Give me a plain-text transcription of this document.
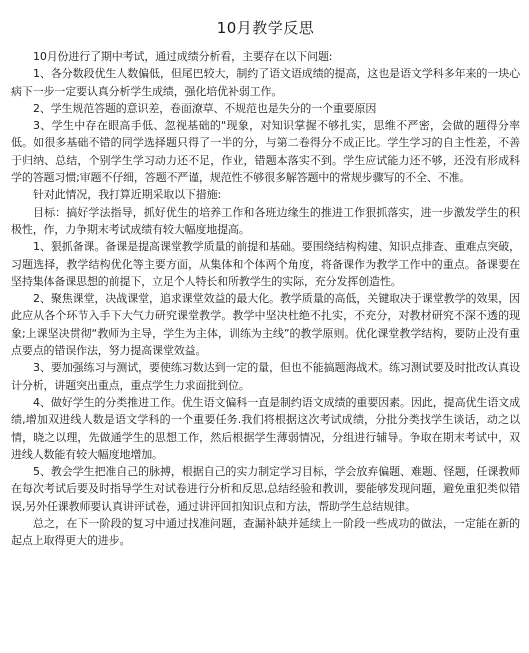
10月教学反思

10月份进行了期中考试，通过成绩分析看，主要存在以下问题:

1、各分数段优生人数偏低，但尾巴较大，制约了语文语成绩的提高，这也是语文学科多年来的一块心病下一步一定要认真分析学生成绩，强化培优补弱工作。

2、学生规范答题的意识差，卷面潦草、不规范也是失分的一个重要原因

3、学生中存在眼高手低、忽视基础的"现象，对知识掌握不够扎实，思维不严密，会做的题得分率低。如很多基础不错的同学选择题只得了一半的分，与第二卷得分不成正比。学生学习的自主性差，不善于归纳、总结，个别学生学习动力还不足，作业，错题本落实不到。学生应试能力还不够，还没有形成科学的答题习惯;审题不仔细，答题不严谨，规范性不够很多解答题中的常规步骤写的不全、不准。

针对此情况，我打算近期采取以下措施:

目标：搞好学法指导，抓好优生的培养工作和各班边缘生的推进工作狠抓落实，进一步激发学生的积极性，作，力争期末考试成绩有较大幅度地提高。

1、狠抓备课。备课是提高课堂教学质量的前提和基础。要围绕结构构建、知识点排查、重难点突破，习题选择，教学结构优化等主要方面，从集体和个体两个角度，将备课作为教学工作中的重点。备课要在坚持集体备课思想的前提下，立足个人特长和所教学生的实际，充分发挥创造性。

2、聚焦课堂，决战课堂，追求课堂效益的最大化。教学质量的高低，关键取决于课堂教学的效果，因此应从各个环节入手下大气力研究课堂教学。教学中坚决杜绝不扎实，不充分，对教材研究不深不透的现象;上课坚决贯彻“教师为主导，学生为主体，训练为主线”的教学原则。优化课堂教学结构，要防止没有重点要点的错误作法，努力提高课堂效益。

3、要加强练习与测试，要使练习数达到一定的量，但也不能搞题海战术。练习测试要及时批改认真设计分析，讲题突出重点，重点学生力求面批到位。

4、做好学生的分类推进工作。优生语文偏科一直是制约语文成绩的重要因素。因此，提高优生语文成绩,增加双进线人数是语文学科的一个重要任务.我们将根据这次考试成绩，分批分类找学生谈话，动之以情，晓之以理，先做通学生的思想工作，然后根据学生薄弱情况，分组进行辅导。争取在期末考试中，双进线人数能有较大幅度地增加。

5、教会学生把准自己的脉搏，根据自己的实力制定学习目标，学会放弃偏题、难题、怪题，任课教师在每次考试后要及时指导学生对试卷进行分析和反思,总结经验和教训，要能够发现问题，避免重犯类似错误,另外任课教师要认真讲评试卷，通过讲评回扣知识点和方法，帮助学生总结规律。

总之，在下一阶段的复习中通过找准问题，查漏补缺并延续上一阶段一些成功的做法，一定能在新的起点上取得更大的进步。
